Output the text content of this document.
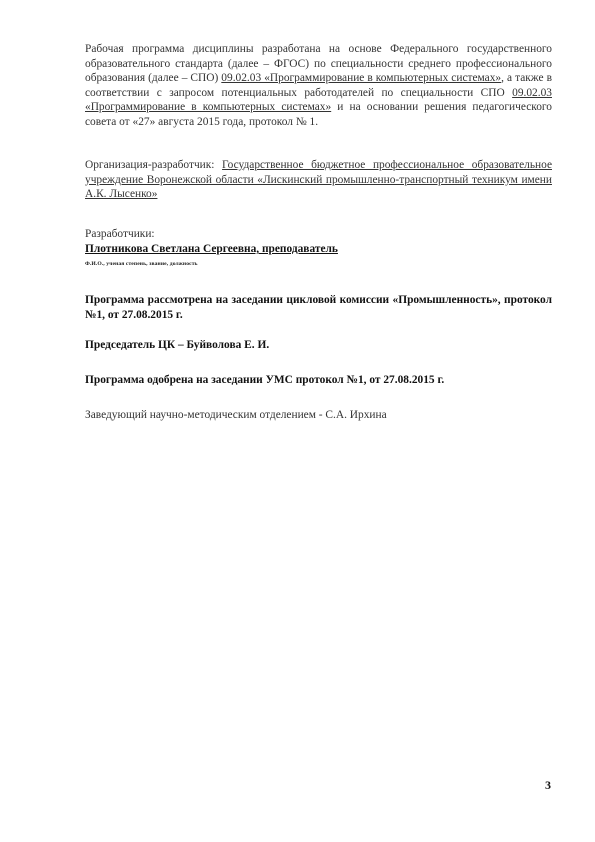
Рабочая программа дисциплины разработана на основе Федерального государственного образовательного стандарта (далее – ФГОС) по специальности среднего профессионального образования (далее – СПО) 09.02.03 «Программирование в компьютерных системах», а также в соответствии с запросом потенциальных работодателей по специальности СПО 09.02.03 «Программирование в компьютерных системах» и на основании решения педагогического совета от «27» августа 2015 года, протокол № 1.

Организация-разработчик: Государственное бюджетное профессиональное образовательное учреждение Воронежской области «Лискинский промышленно-транспортный техникум имени А.К. Лысенко»

Разработчики:
Плотникова Светлана Сергеевна, преподаватель
Ф.И.О., ученая степень, звание, должность

Программа рассмотрена на заседании цикловой комиссии «Промышленность», протокол №1, от 27.08.2015 г.

Председатель ЦК – Буйволова Е. И.
Программа одобрена на заседании УМС протокол №1, от 27.08.2015 г.
Заведующий научно-методическим отделением - С.А. Ирхина
3
